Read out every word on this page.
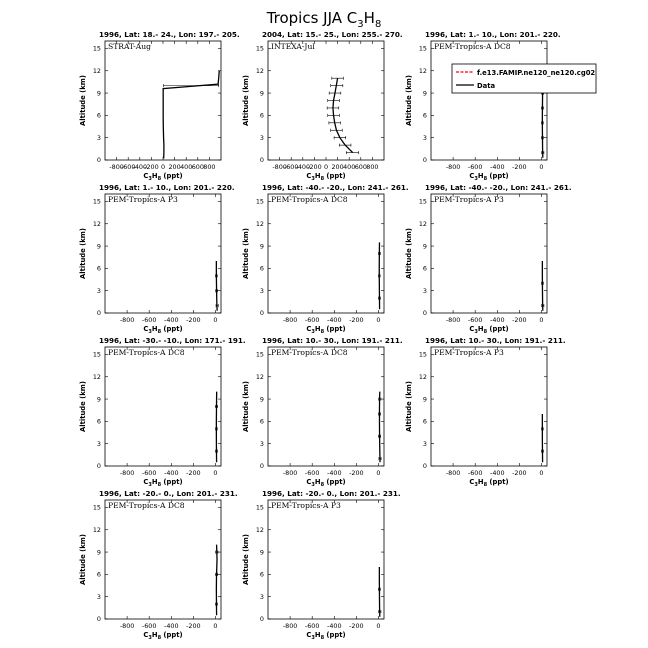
Tropics JJA $C_3H_8$
1996, Lat: 18.- 24., Lon: 197.- 205.
-800
-600
-400
-200 0 200 400 600 800
0
3
6
9
12
15
$C_3H_8$ (ppt)
Altitude (km)
STRAT-Aug
2004, Lat: 15.- 25., Lon: 255.- 270.
-800
-600
-400
-200 0 200 400 600 800
0
3
6
9
12
15
$C_3H_8$ (ppt)
Altitude (km)
INTEXA-Jul
1996, Lat: 1.- 10., Lon: 201.- 220.
-800 -600 -400 -200 0
0
3
6
9
12
15
$C_3H_8$ (ppt)
Altitude (km)
PEM-Tropics-A DC8
1996, Lat: 1.- 10., Lon: 201.- 220.
-800 -600 -400 -200 0
0
3
6
9
12
15
$C_3H_8$ (ppt)
Altitude (km)
PEM-Tropics-A P3
1996, Lat: -40.- -20., Lon: 241.- 261.
-800 -600 -400 -200 0
0
3
6
9
12
15
$C_3H_8$ (ppt)
Altitude (km)
PEM-Tropics-A DC8
1996, Lat: -40.- -20., Lon: 241.- 261.
-800 -600 -400 -200 0
0
3
6
9
12
15
$C_3H_8$ (ppt)
Altitude (km)
PEM-Tropics-A P3
1996, Lat: -30.- -10., Lon: 171.- 191.
-800 -600 -400 -200 0
0
3
6
9
12
15
$C_3H_8$ (ppt)
Altitude (km)
PEM-Tropics-A DC8
1996, Lat: 10.- 30., Lon: 191.- 211.
-800 -600 -400 -200 0
0
3
6
9
12
15
$C_3H_8$ (ppt)
Altitude (km)
PEM-Tropics-A DC8
1996, Lat: 10.- 30., Lon: 191.- 211.
-800 -600 -400 -200 0
0
3
6
9
12
15
$C_3H_8$ (ppt)
Altitude (km)
PEM-Tropics-A P3
1996, Lat: -20.- 0., Lon: 201.- 231.
-800 -600 -400 -200 0
0
3
6
9
12
15
$C_3H_8$ (ppt)
Altitude (km)
PEM-Tropics-A DC8
1996, Lat: -20.- 0., Lon: 201.- 231.
-800 -600 -400 -200 0
0
3
6
9
12
15
$C_3H_8$ (ppt)
Altitude (km)
PEM-Tropics-A P3
f.e13.FAMIP.ne120_ne120.cg02
Data
